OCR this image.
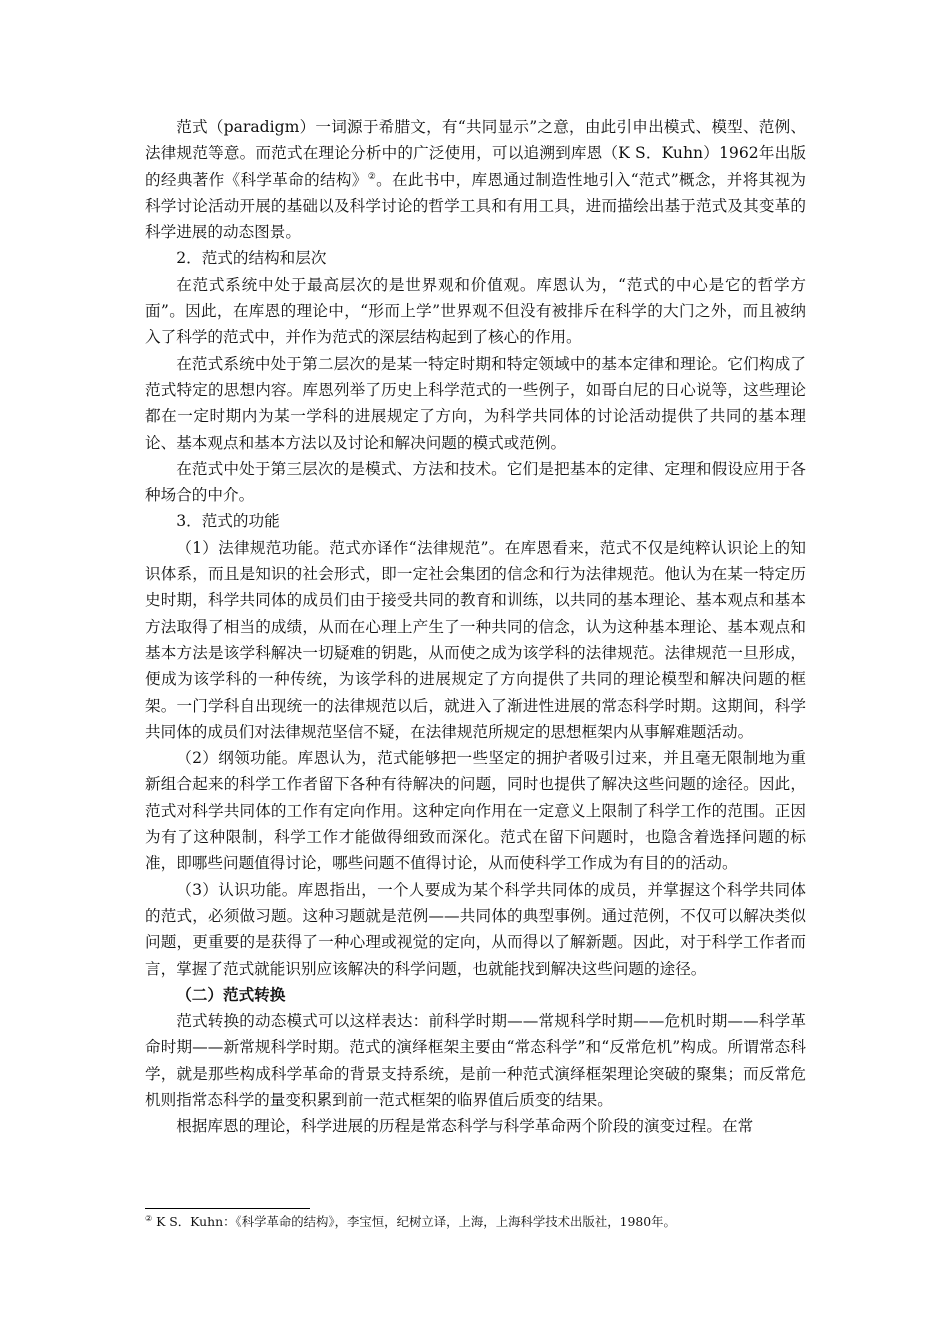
范式（paradigm）一词源于希腊文，有“共同显示”之意，由此引申出模式、模型、范例、法律规范等意。而范式在理论分析中的广泛使用，可以追溯到库恩（K S．Kuhn）1962年出版的经典著作《科学革命的结构》②。在此书中，库恩通过制造性地引入“范式”概念，并将其视为科学讨论活动开展的基础以及科学讨论的哲学工具和有用工具，进而描绘出基于范式及其变革的科学进展的动态图景。

2．范式的结构和层次

在范式系统中处于最高层次的是世界观和价值观。库恩认为，“范式的中心是它的哲学方面”。因此，在库恩的理论中，“形而上学”世界观不但没有被排斥在科学的大门之外，而且被纳入了科学的范式中，并作为范式的深层结构起到了核心的作用。

在范式系统中处于第二层次的是某一特定时期和特定领域中的基本定律和理论。它们构成了范式特定的思想内容。库恩列举了历史上科学范式的一些例子，如哥白尼的日心说等，这些理论都在一定时期内为某一学科的进展规定了方向，为科学共同体的讨论活动提供了共同的基本理论、基本观点和基本方法以及讨论和解决问题的模式或范例。

在范式中处于第三层次的是模式、方法和技术。它们是把基本的定律、定理和假设应用于各种场合的中介。

3．范式的功能

（1）法律规范功能。范式亦译作“法律规范”。在库恩看来，范式不仅是纯粹认识论上的知识体系，而且是知识的社会形式，即一定社会集团的信念和行为法律规范。他认为在某一特定历史时期，科学共同体的成员们由于接受共同的教育和训练，以共同的基本理论、基本观点和基本方法取得了相当的成绩，从而在心理上产生了一种共同的信念，认为这种基本理论、基本观点和基本方法是该学科解决一切疑难的钥匙，从而使之成为该学科的法律规范。法律规范一旦形成，便成为该学科的一种传统，为该学科的进展规定了方向提供了共同的理论模型和解决问题的框架。一门学科自出现统一的法律规范以后，就进入了渐进性进展的常态科学时期。这期间，科学共同体的成员们对法律规范坚信不疑，在法律规范所规定的思想框架内从事解难题活动。

（2）纲领功能。库恩认为，范式能够把一些坚定的拥护者吸引过来，并且毫无限制地为重新组合起来的科学工作者留下各种有待解决的问题，同时也提供了解决这些问题的途径。因此，范式对科学共同体的工作有定向作用。这种定向作用在一定意义上限制了科学工作的范围。正因为有了这种限制，科学工作才能做得细致而深化。范式在留下问题时，也隐含着选择问题的标准，即哪些问题值得讨论，哪些问题不值得讨论，从而使科学工作成为有目的的活动。

（3）认识功能。库恩指出，一个人要成为某个科学共同体的成员，并掌握这个科学共同体的范式，必须做习题。这种习题就是范例——共同体的典型事例。通过范例，不仅可以解决类似问题，更重要的是获得了一种心理或视觉的定向，从而得以了解新题。因此，对于科学工作者而言，掌握了范式就能识别应该解决的科学问题，也就能找到解决这些问题的途径。

（二）范式转换

范式转换的动态模式可以这样表达：前科学时期——常规科学时期——危机时期——科学革命时期——新常规科学时期。范式的演绎框架主要由“常态科学”和“反常危机”构成。所谓常态科学，就是那些构成科学革命的背景支持系统，是前一种范式演绎框架理论突破的聚集；而反常危机则指常态科学的量变积累到前一范式框架的临界值后质变的结果。

根据库恩的理论，科学进展的历程是常态科学与科学革命两个阶段的演变过程。在常

② K S．Kuhn：《科学革命的结构》，李宝恒，纪树立译，上海，上海科学技术出版社，1980年。
